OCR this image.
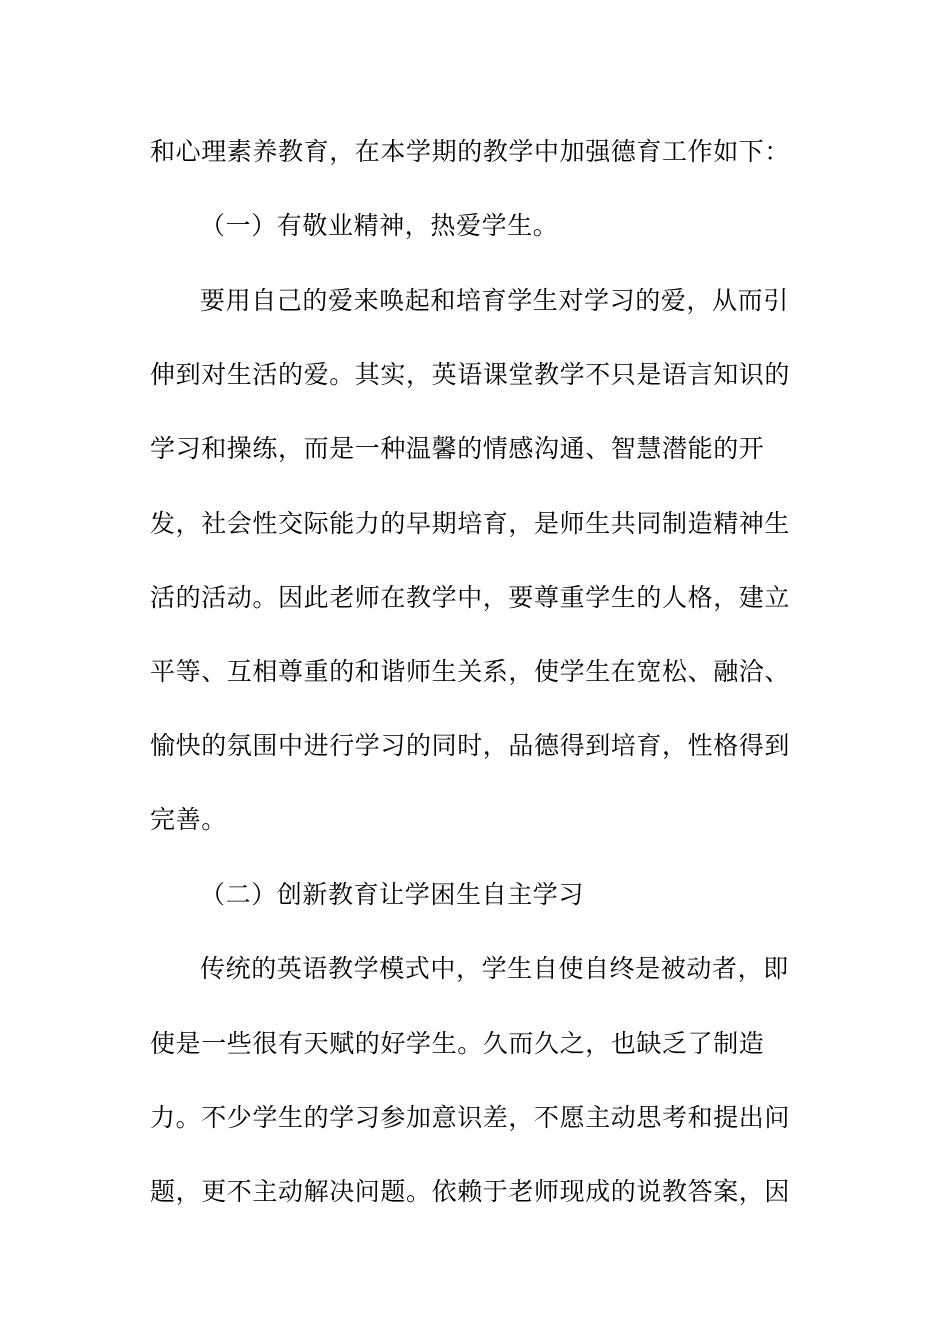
和心理素养教育，在本学期的教学中加强德育工作如下：
（一）有敬业精神，热爱学生。
要用自己的爱来唤起和培育学生对学习的爱，从而引
伸到对生活的爱。其实，英语课堂教学不只是语言知识的
学习和操练，而是一种温馨的情感沟通、智慧潜能的开
发，社会性交际能力的早期培育，是师生共同制造精神生
活的活动。因此老师在教学中，要尊重学生的人格，建立
平等、互相尊重的和谐师生关系，使学生在宽松、融洽、
愉快的氛围中进行学习的同时，品德得到培育，性格得到
完善。
（二）创新教育让学困生自主学习
传统的英语教学模式中，学生自使自终是被动者，即
使是一些很有天赋的好学生。久而久之，也缺乏了制造
力。不少学生的学习参加意识差，不愿主动思考和提出问
题，更不主动解决问题。依赖于老师现成的说教答案，因
